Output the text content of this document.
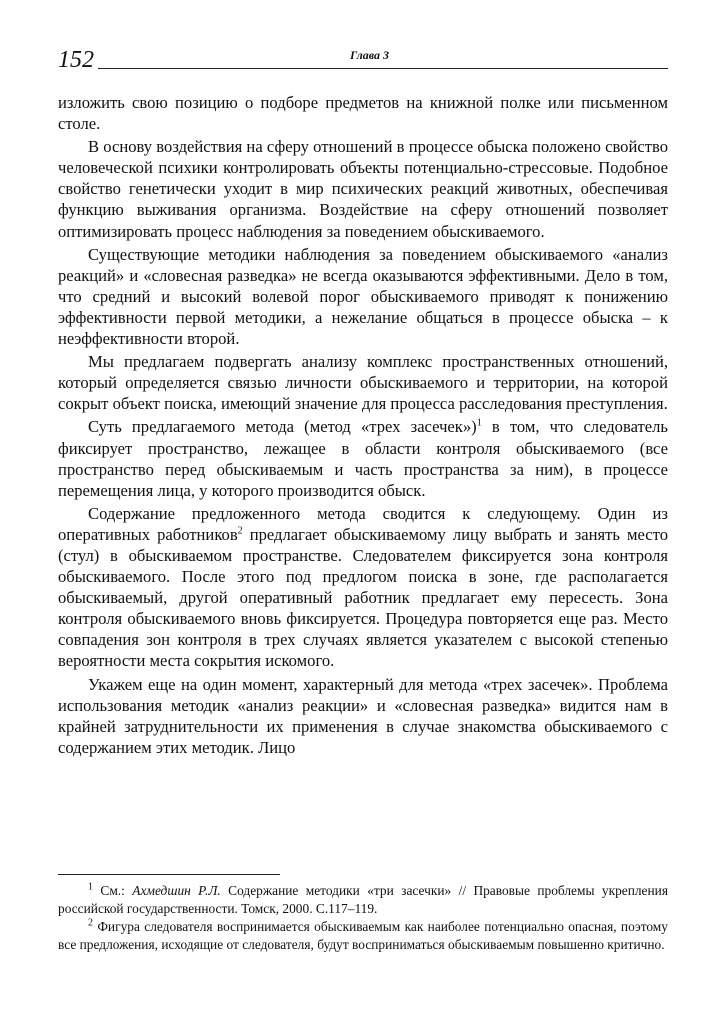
152	Глава 3

изложить свою позицию о подборе предметов на книжной полке или письменном столе.

В основу воздействия на сферу отношений в процессе обыска положено свойство человеческой психики контролировать объекты потенциально-стрессовые. Подобное свойство генетически уходит в мир психических реакций животных, обеспечивая функцию выживания организма. Воздействие на сферу отношений позволяет оптимизировать процесс наблюдения за поведением обыскиваемого.

Существующие методики наблюдения за поведением обыскиваемого «анализ реакций» и «словесная разведка» не всегда оказываются эффективными. Дело в том, что средний и высокий волевой порог обыскиваемого приводят к понижению эффективности первой методики, а нежелание общаться в процессе обыска – к неэффективности второй.

Мы предлагаем подвергать анализу комплекс пространственных отношений, который определяется связью личности обыскиваемого и территории, на которой сокрыт объект поиска, имеющий значение для процесса расследования преступления.

Суть предлагаемого метода (метод «трех засечек»)$^1$ в том, что следователь фиксирует пространство, лежащее в области контроля обыскиваемого (все пространство перед обыскиваемым и часть пространства за ним), в процессе перемещения лица, у которого производится обыск.

Содержание предложенного метода сводится к следующему. Один из оперативных работников$^2$ предлагает обыскиваемому лицу выбрать и занять место (стул) в обыскиваемом пространстве. Следователем фиксируется зона контроля обыскиваемого. После этого под предлогом поиска в зоне, где располагается обыскиваемый, другой оперативный работник предлагает ему пересесть. Зона контроля обыскиваемого вновь фиксируется. Процедура повторяется еще раз. Место совпадения зон контроля в трех случаях является указателем с высокой степенью вероятности места сокрытия искомого.

Укажем еще на один момент, характерный для метода «трех засечек». Проблема использования методик «анализ реакции» и «словесная разведка» видится нам в крайней затруднительности их применения в случае знакомства обыскиваемого с содержанием этих методик. Лицо

$^1$ См.: Ахмедшин Р.Л. Содержание методики «три засечки» // Правовые проблемы укрепления российской государственности. Томск, 2000. С.117–119.

$^2$ Фигура следователя воспринимается обыскиваемым как наиболее потенциально опасная, поэтому все предложения, исходящие от следователя, будут восприниматься обыскиваемым повышенно критично.
